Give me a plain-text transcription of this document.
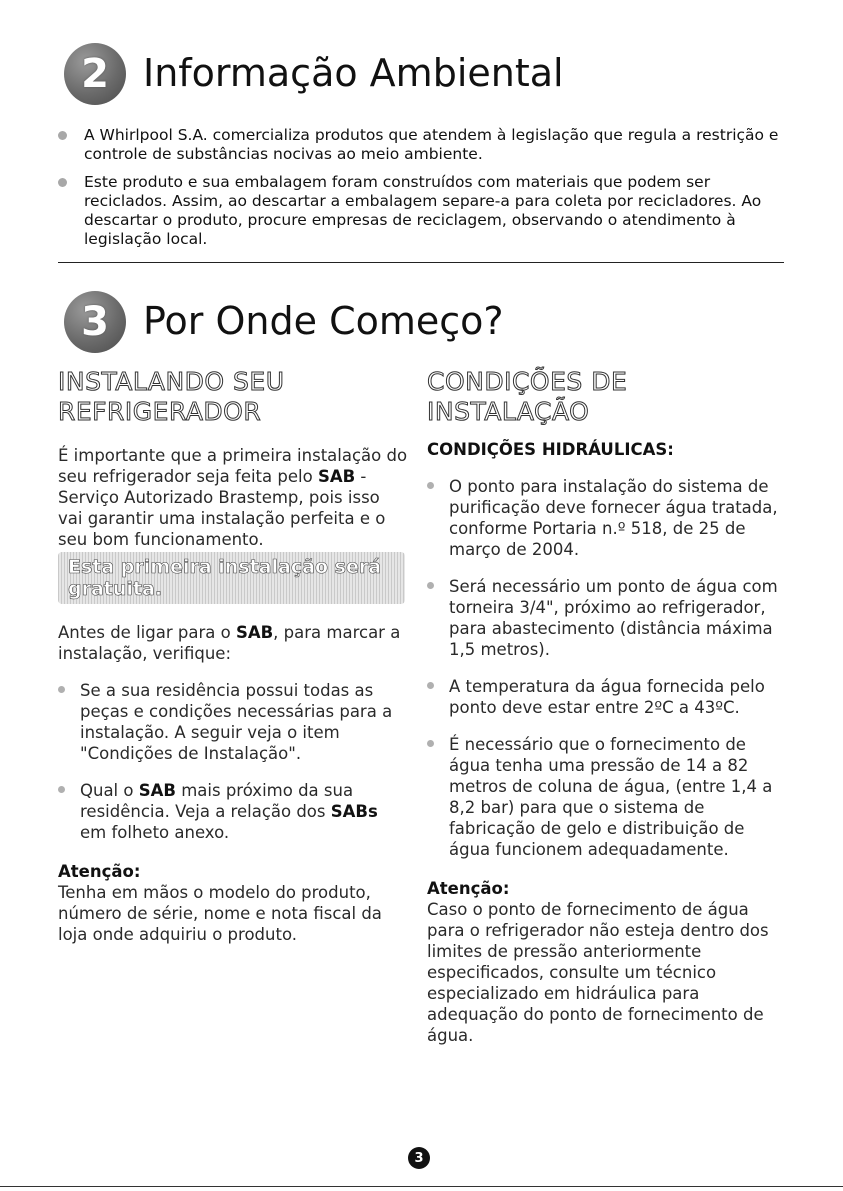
2 Informação Ambiental
A Whirlpool S.A. comercializa produtos que atendem à legislação que regula a restrição e controle de substâncias nocivas ao meio ambiente.
Este produto e sua embalagem foram construídos com materiais que podem ser reciclados. Assim, ao descartar a embalagem separe-a para coleta por recicladores. Ao descartar o produto, procure empresas de reciclagem, observando o atendimento à legislação local.
3 Por Onde Começo?
INSTALANDO SEU
REFRIGERADOR

É importante que a primeira instalação do seu refrigerador seja feita pelo SAB - Serviço Autorizado Brastemp, pois isso vai garantir uma instalação perfeita e o seu bom funcionamento.

Esta primeira instalação será
gratuita.

Antes de ligar para o SAB, para marcar a instalação, verifique:

Se a sua residência possui todas as peças e condições necessárias para a instalação. A seguir veja o item "Condições de Instalação".
Qual o SAB mais próximo da sua residência. Veja a relação dos SABs em folheto anexo.

Atenção:

Tenha em mãos o modelo do produto, número de série, nome e nota fiscal da loja onde adquiriu o produto.

CONDIÇÕES DE INSTALAÇÃO

CONDIÇÕES HIDRÁULICAS:

O ponto para instalação do sistema de purificação deve fornecer água tratada, conforme Portaria n.º 518, de 25 de março de 2004.
Será necessário um ponto de água com torneira 3/4", próximo ao refrigerador, para abastecimento (distância máxima 1,5 metros).
A temperatura da água fornecida pelo ponto deve estar entre 2ºC a 43ºC.
É necessário que o fornecimento de água tenha uma pressão de 14 a 82 metros de coluna de água, (entre 1,4 a 8,2 bar) para que o sistema de fabricação de gelo e distribuição de água funcionem adequadamente.

Atenção:

Caso o ponto de fornecimento de água para o refrigerador não esteja dentro dos limites de pressão anteriormente especificados, consulte um técnico especializado em hidráulica para adequação do ponto de fornecimento de água.

3
